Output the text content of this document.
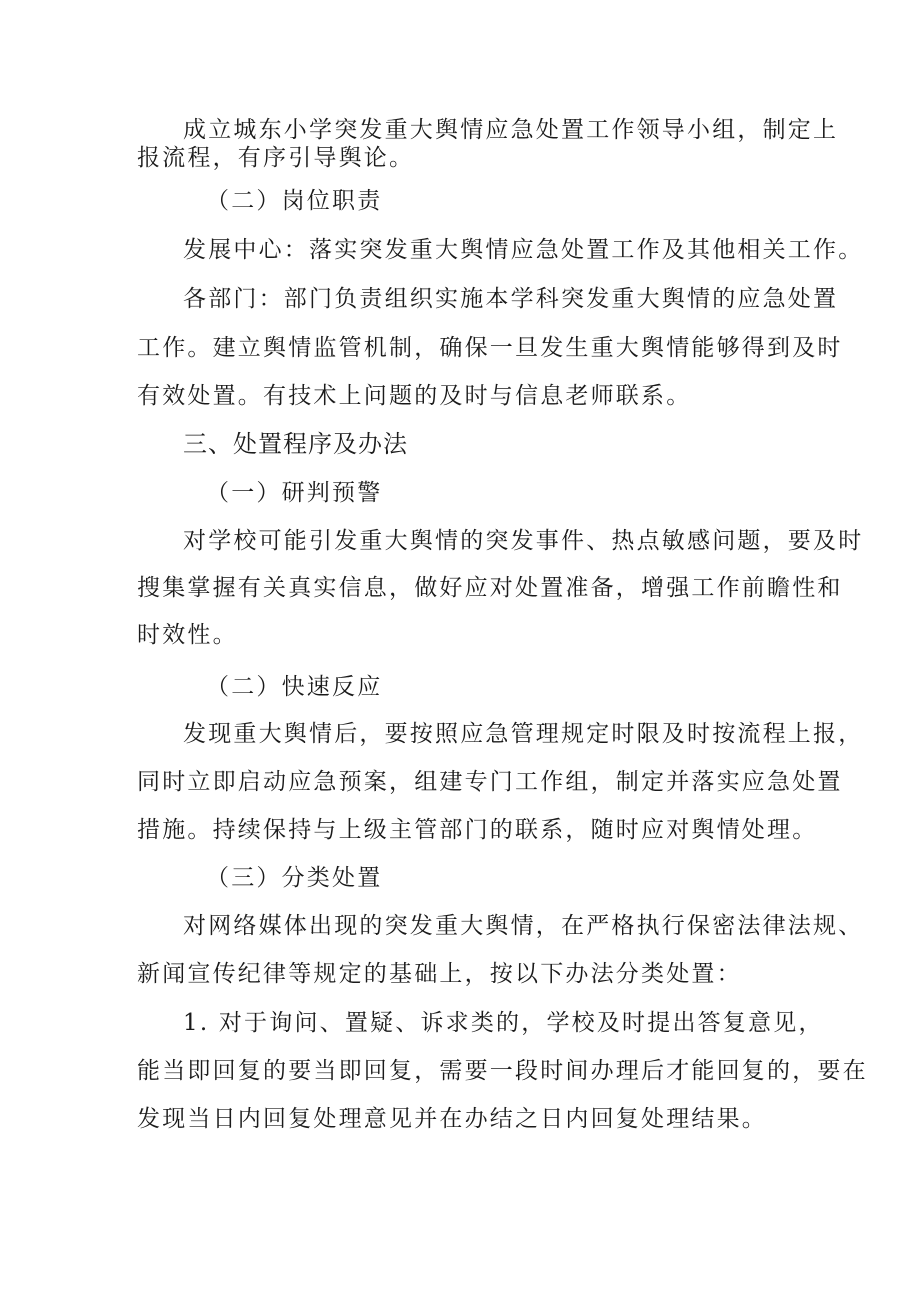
成立城东小学突发重大舆情应急处置工作领导小组，制定上
报流程，有序引导舆论。
（二）岗位职责
发展中心：落实突发重大舆情应急处置工作及其他相关工作。
各部门：部门负责组织实施本学科突发重大舆情的应急处置
工作。建立舆情监管机制，确保一旦发生重大舆情能够得到及时
有效处置。有技术上问题的及时与信息老师联系。
三、处置程序及办法
（一）研判预警
对学校可能引发重大舆情的突发事件、热点敏感问题，要及时
搜集掌握有关真实信息，做好应对处置准备，增强工作前瞻性和
时效性。
（二）快速反应
发现重大舆情后，要按照应急管理规定时限及时按流程上报，
同时立即启动应急预案，组建专门工作组，制定并落实应急处置
措施。持续保持与上级主管部门的联系，随时应对舆情处理。
（三）分类处置
对网络媒体出现的突发重大舆情，在严格执行保密法律法规、
新闻宣传纪律等规定的基础上，按以下办法分类处置：
1. 对于询问、置疑、诉求类的，学校及时提出答复意见，
能当即回复的要当即回复，需要一段时间办理后才能回复的，要在
发现当日内回复处理意见并在办结之日内回复处理结果。
